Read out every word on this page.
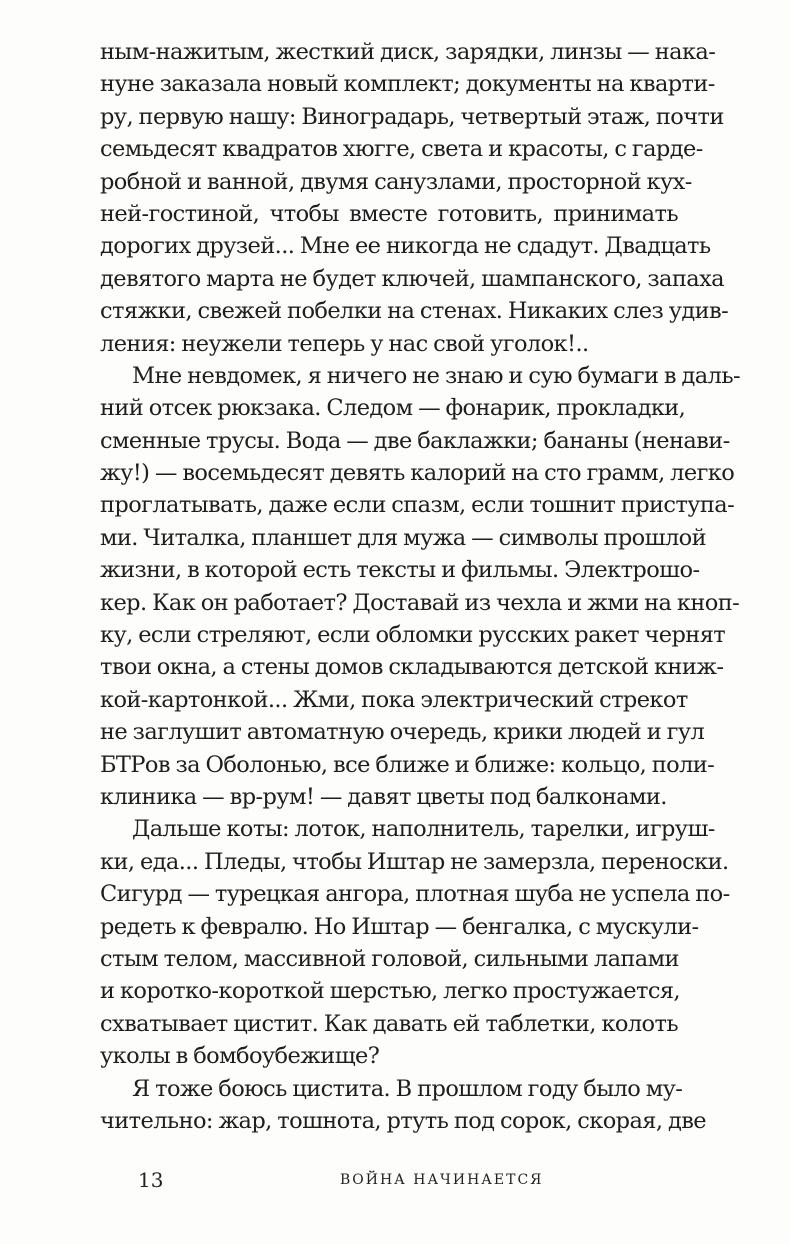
ным-нажитым, жесткий диск, зарядки, линзы — нака-
нуне заказала новый комплект; документы на кварти-
ру, первую нашу: Виноградарь, четвертый этаж, почти
семьдесят квадратов хюгге, света и красоты, с гарде-
робной и ванной, двумя санузлами, просторной кух-
ней-гостиной, чтобы вместе готовить, принимать
дорогих друзей... Мне ее никогда не сдадут. Двадцать
девятого марта не будет ключей, шампанского, запаха
стяжки, свежей побелки на стенах. Никаких слез удив-
ления: неужели теперь у нас свой уголок!..
Мне невдомек, я ничего не знаю и сую бумаги в даль-
ний отсек рюкзака. Следом — фонарик, прокладки,
сменные трусы. Вода — две баклажки; бананы (ненави-
жу!) — восемьдесят девять калорий на сто грамм, легко
проглатывать, даже если спазм, если тошнит приступа-
ми. Читалка, планшет для мужа — символы прошлой
жизни, в которой есть тексты и фильмы. Электрошо-
кер. Как он работает? Доставай из чехла и жми на кноп-
ку, если стреляют, если обломки русских ракет чернят
твои окна, а стены домов складываются детской книж-
кой-картонкой... Жми, пока электрический стрекот
не заглушит автоматную очередь, крики людей и гул
БТРов за Оболонью, все ближе и ближе: кольцо, поли-
клиника — вр-рум! — давят цветы под балконами.
Дальше коты: лоток, наполнитель, тарелки, игруш-
ки, еда... Пледы, чтобы Иштар не замерзла, переноски.
Сигурд — турецкая ангора, плотная шуба не успела по-
редеть к февралю. Но Иштар — бенгалка, с мускули-
стым телом, массивной головой, сильными лапами
и коротко-короткой шерстью, легко простужается,
схватывает цистит. Как давать ей таблетки, колоть
уколы в бомбоубежище?
Я тоже боюсь цистита. В прошлом году было му-
чительно: жар, тошнота, ртуть под сорок, скорая, две
13	ВОЙНА НАЧИНАЕТСЯ
